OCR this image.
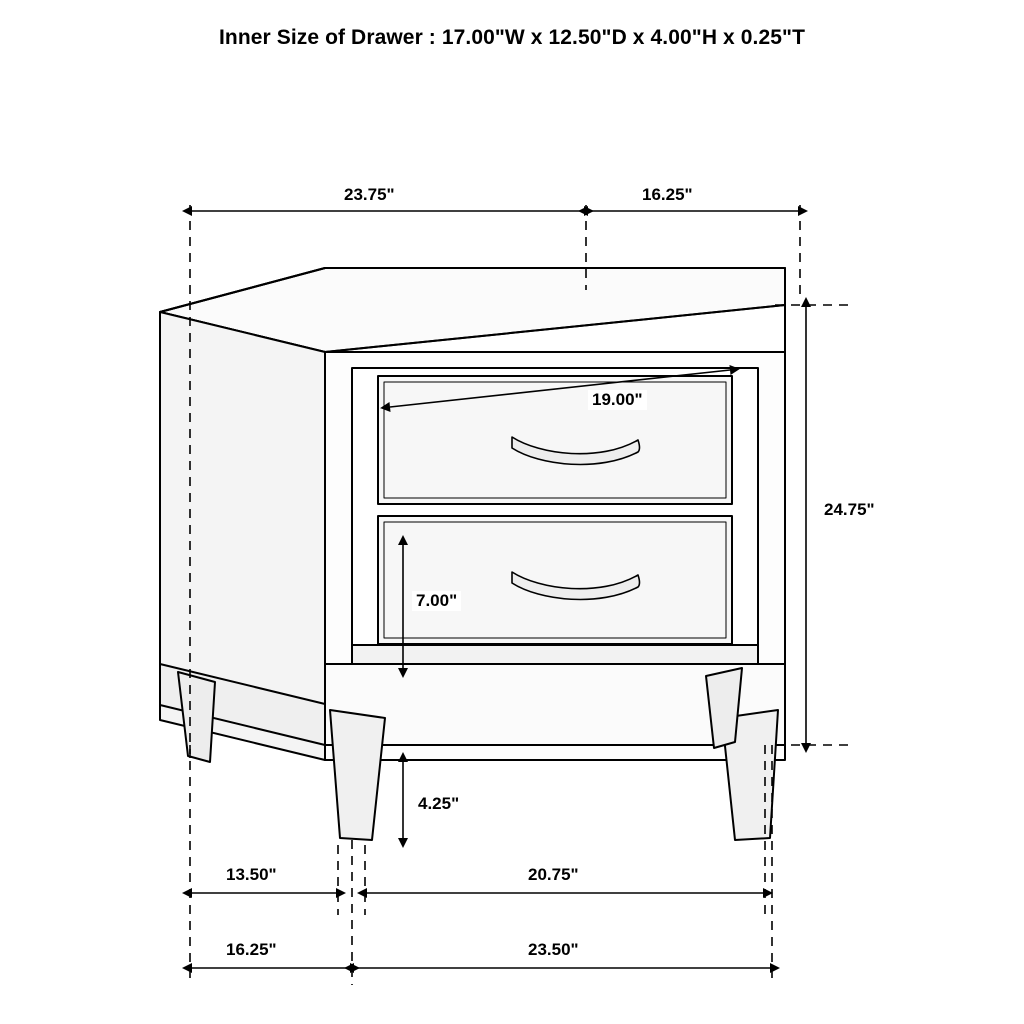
Inner Size of Drawer : 17.00"W x 12.50"D x 4.00"H x 0.25"T
23.75"	16.25"
19.00"
7.00"
24.75"
4.25"
13.50"	20.75"
16.25"	23.50"
